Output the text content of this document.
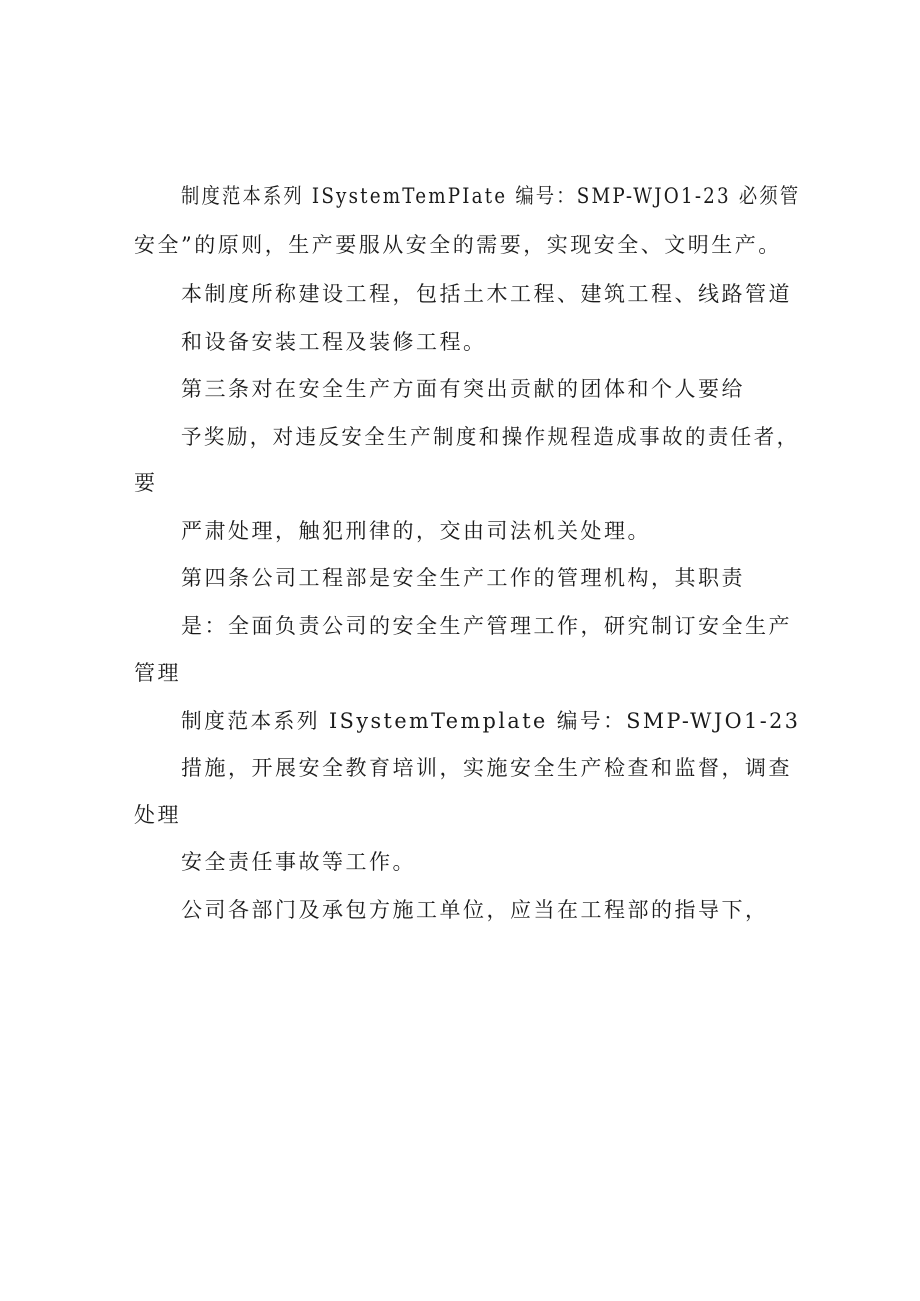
制度范本系列 ISystemTemPIate 编号：SMP-WJO1-23 必须管
安全”的原则，生产要服从安全的需要，实现安全、文明生产。
本制度所称建设工程，包括土木工程、建筑工程、线路管道
和设备安装工程及装修工程。
第三条对在安全生产方面有突出贡献的团体和个人要给
予奖励，对违反安全生产制度和操作规程造成事故的责任者，
要
严肃处理，触犯刑律的，交由司法机关处理。
第四条公司工程部是安全生产工作的管理机构，其职责
是：全面负责公司的安全生产管理工作，研究制订安全生产
管理
制度范本系列 ISystemTemplate 编号：SMP-WJO1-23
措施，开展安全教育培训，实施安全生产检查和监督，调查
处理
安全责任事故等工作。
公司各部门及承包方施工单位，应当在工程部的指导下，
